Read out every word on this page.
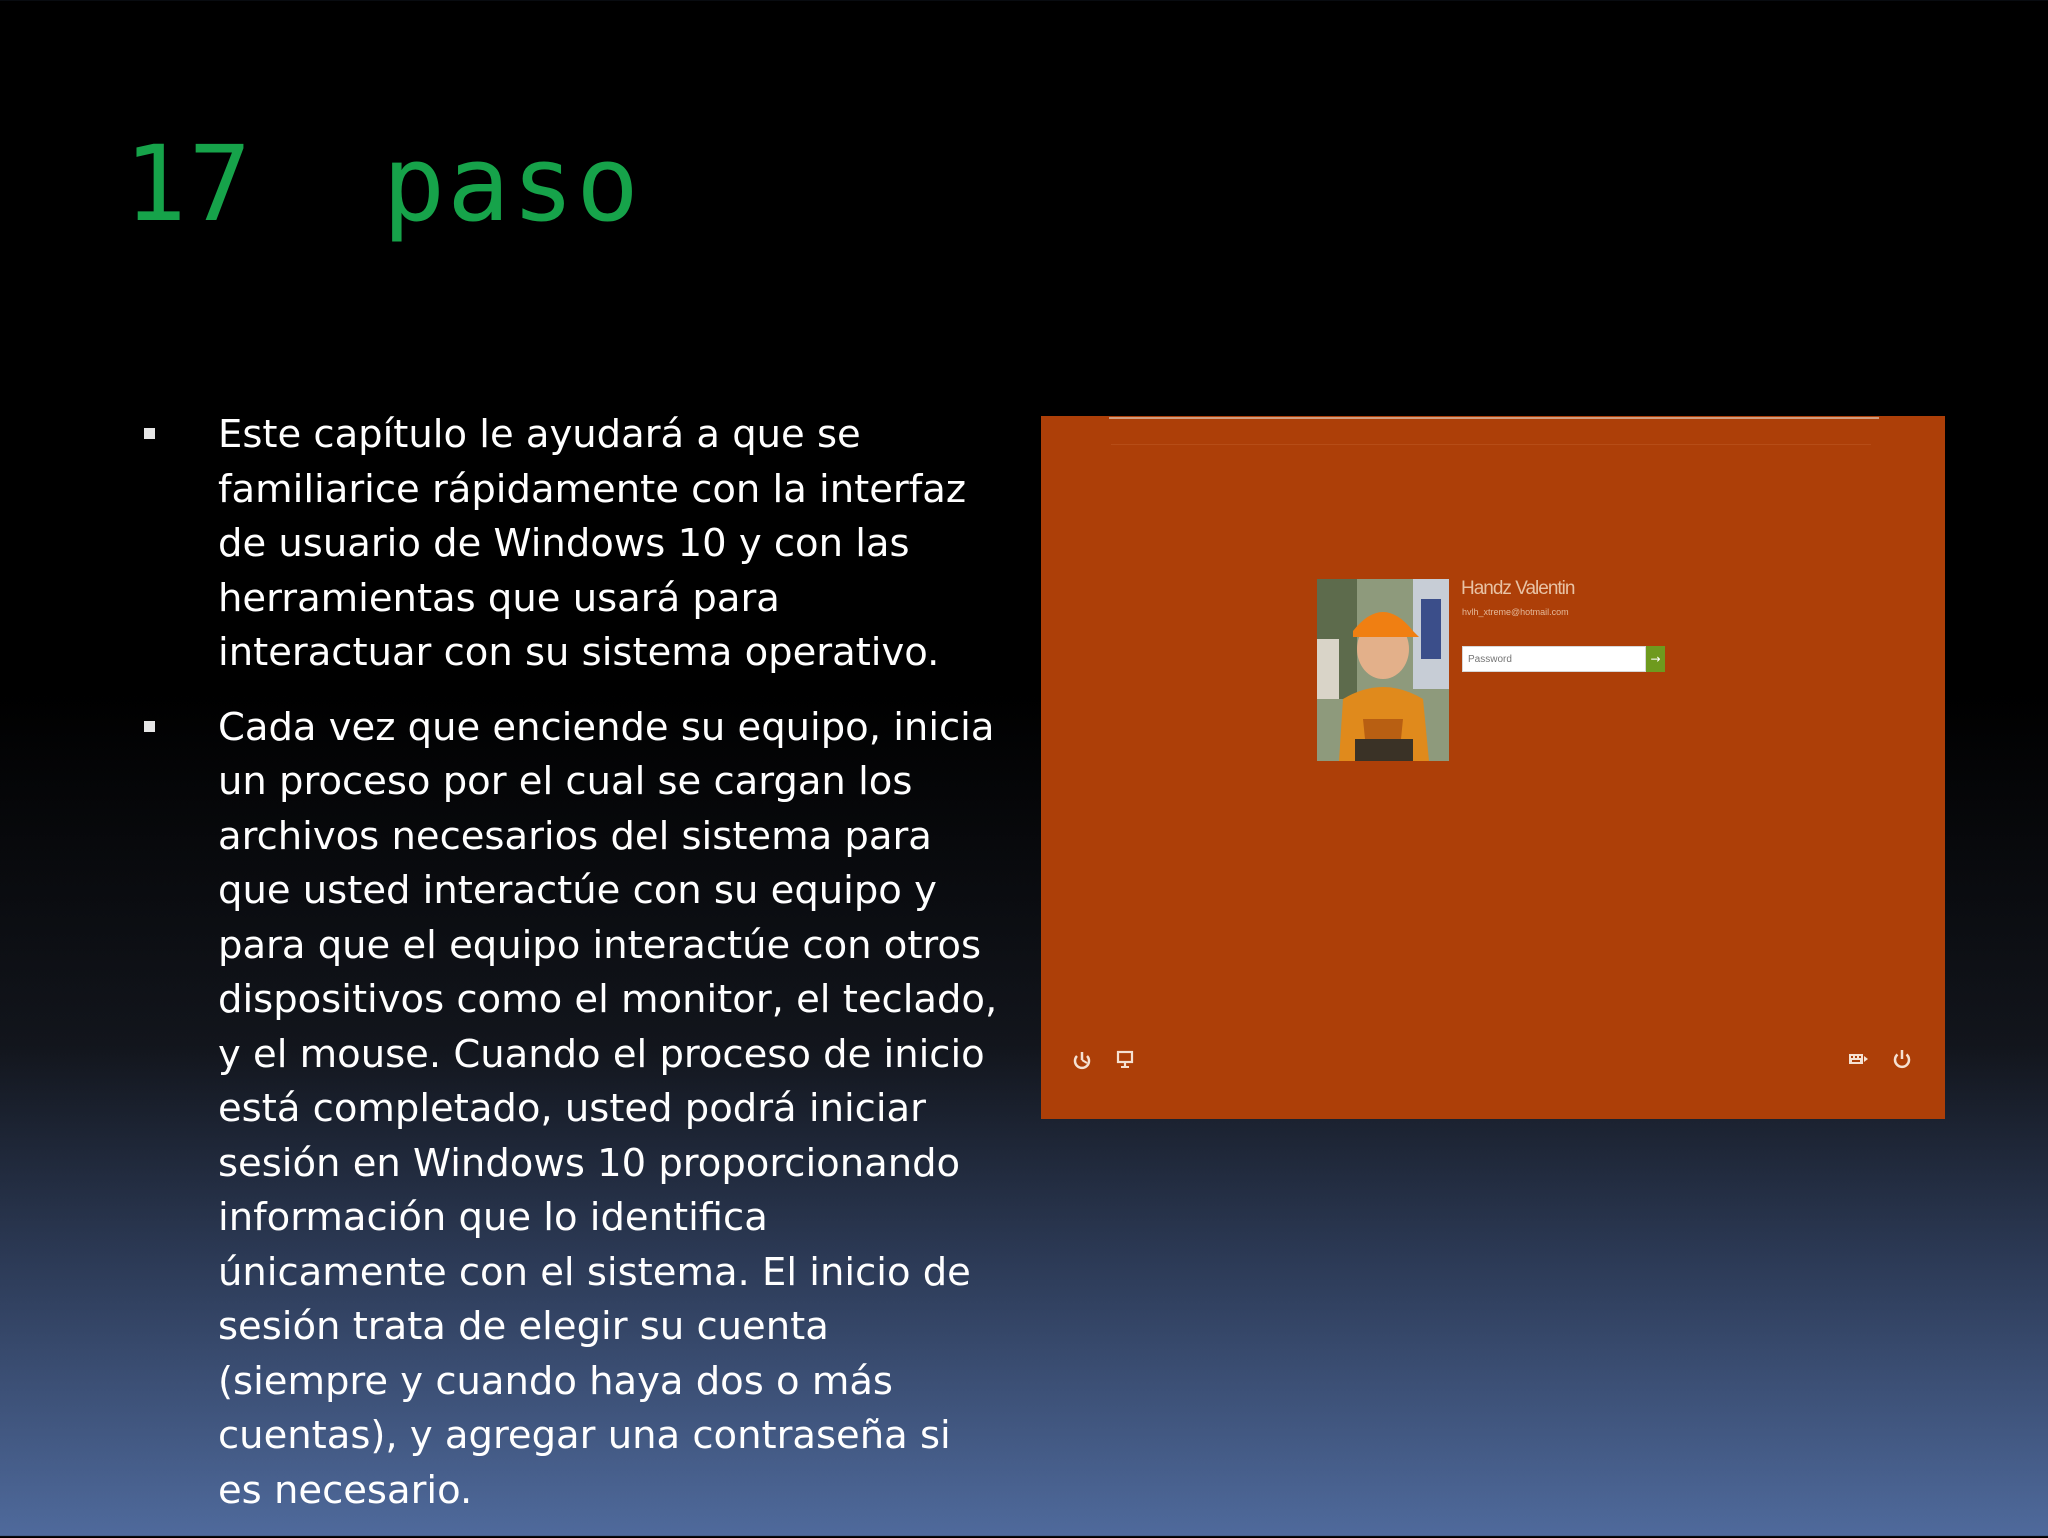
17  paso
Este capítulo le ayudará a que se familiarice rápidamente con la interfaz de usuario de Windows 10 y con las herramientas que usará para interactuar con su sistema operativo.
Cada vez que enciende su equipo, inicia un proceso por el cual se cargan los archivos necesarios del sistema para que usted interactúe con su equipo y para que el equipo interactúe con otros dispositivos como el monitor, el teclado, y el mouse. Cuando el proceso de inicio está completado, usted podrá iniciar sesión en Windows 10 proporcionando información que lo identifica únicamente con el sistema. El inicio de sesión trata de elegir su cuenta (siempre y cuando haya dos o más cuentas), y agregar una contraseña si es necesario.
Handz Valentin
hvlh_xtreme@hotmail.com
→
